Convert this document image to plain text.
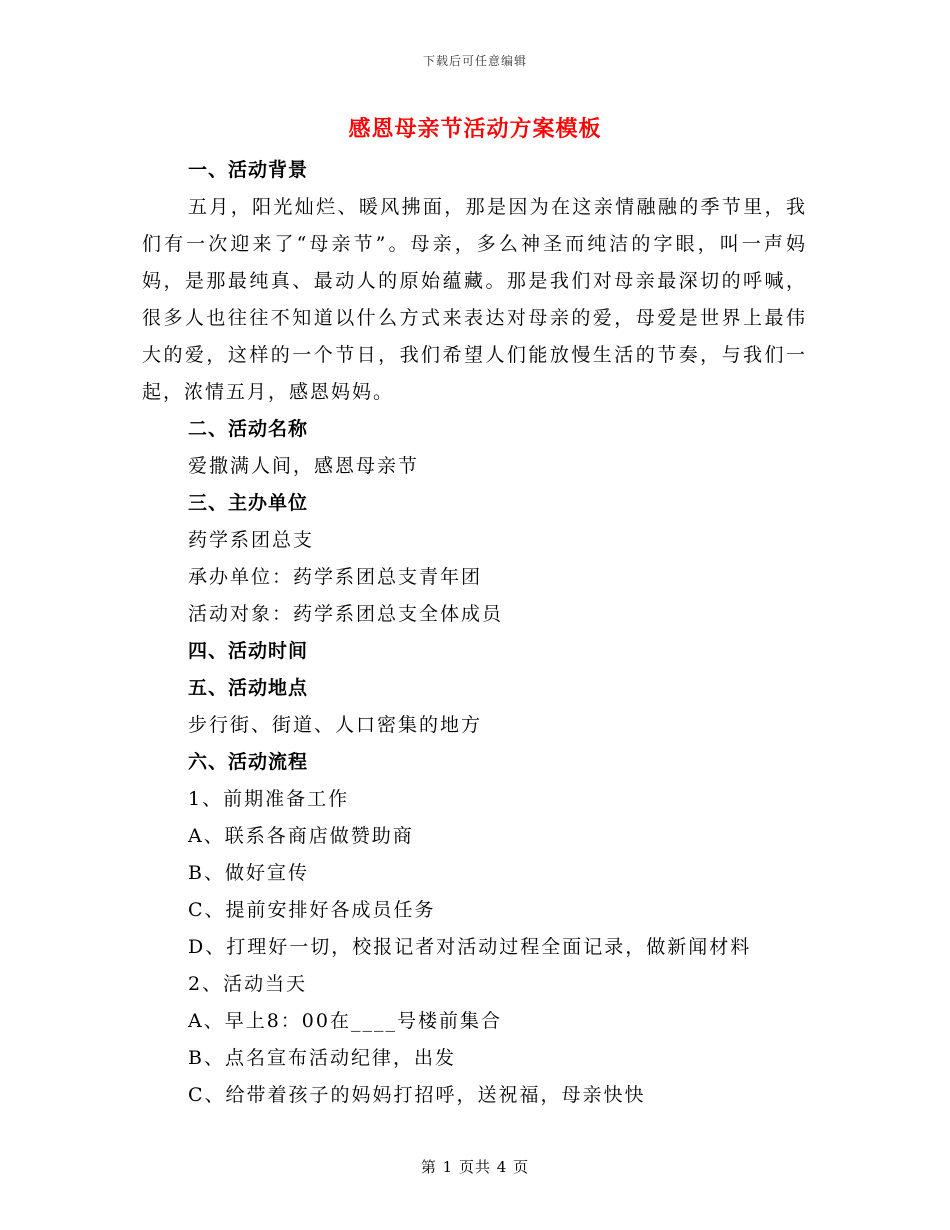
下载后可任意编辑
感恩母亲节活动方案模板
一、活动背景

五月，阳光灿烂、暖风拂面，那是因为在这亲情融融的季节里，我们有一次迎来了“母亲节”。母亲，多么神圣而纯洁的字眼，叫一声妈妈，是那最纯真、最动人的原始蕴藏。那是我们对母亲最深切的呼喊，很多人也往往不知道以什么方式来表达对母亲的爱，母爱是世界上最伟大的爱，这样的一个节日，我们希望人们能放慢生活的节奏，与我们一起，浓情五月，感恩妈妈。

二、活动名称
爱撒满人间，感恩母亲节
三、主办单位
药学系团总支
承办单位：药学系团总支青年团
活动对象：药学系团总支全体成员
四、活动时间
五、活动地点
步行街、街道、人口密集的地方
六、活动流程
1、前期准备工作
A、联系各商店做赞助商
B、做好宣传
C、提前安排好各成员任务
D、打理好一切，校报记者对活动过程全面记录，做新闻材料
2、活动当天
A、早上8：00在____号楼前集合
B、点名宣布活动纪律，出发
C、给带着孩子的妈妈打招呼，送祝福，母亲快快
第 1 页共 4 页
